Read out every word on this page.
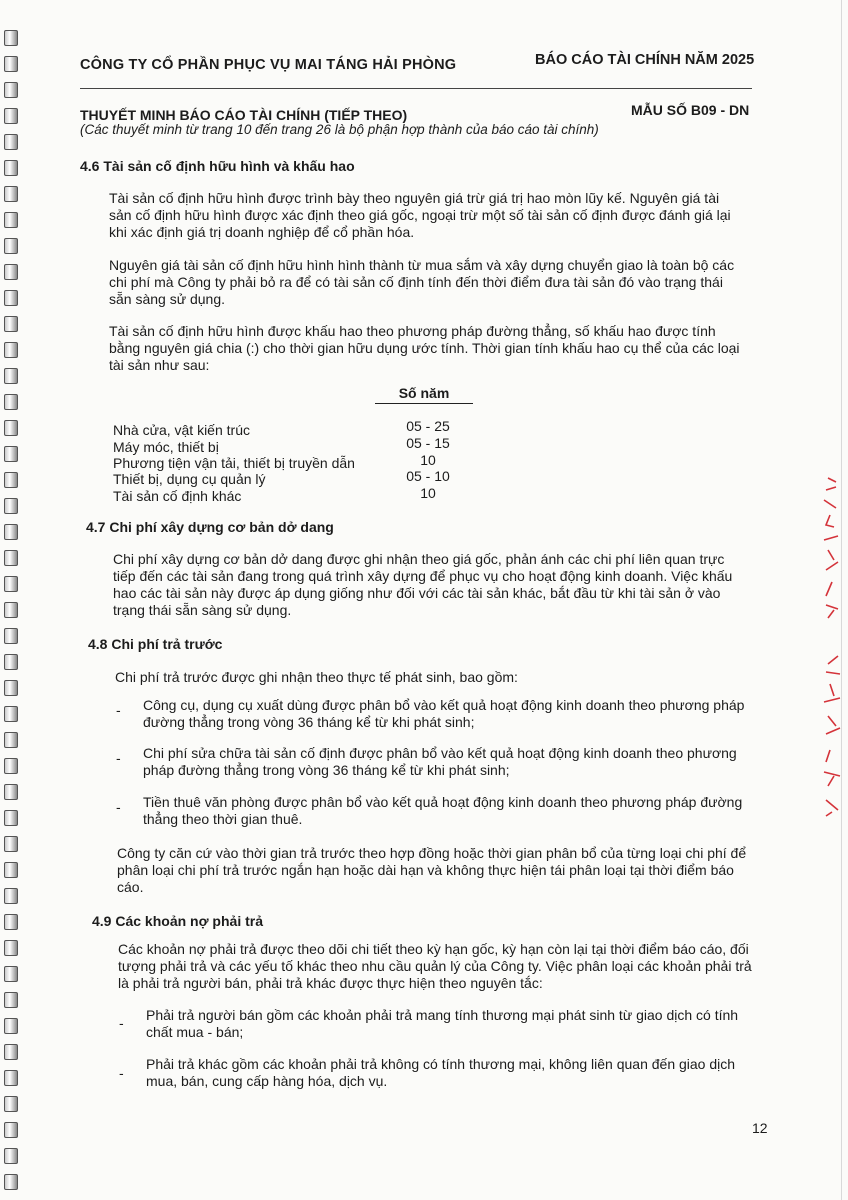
CÔNG TY CỔ PHẦN PHỤC VỤ MAI TÁNG HẢI PHÒNG	BÁO CÁO TÀI CHÍNH NĂM 2025
THUYẾT MINH BÁO CÁO TÀI CHÍNH (TIẾP THEO)	MẪU SỐ B09 - DN
(Các thuyết minh từ trang 10 đến trang 26 là bộ phận hợp thành của báo cáo tài chính)
4.6 Tài sản cố định hữu hình và khấu hao
Tài sản cố định hữu hình được trình bày theo nguyên giá trừ giá trị hao mòn lũy kế. Nguyên giá tài
sản cố định hữu hình được xác định theo giá gốc, ngoại trừ một số tài sản cố định được đánh giá lại
khi xác định giá trị doanh nghiệp để cổ phần hóa.
Nguyên giá tài sản cố định hữu hình hình thành từ mua sắm và xây dựng chuyển giao là toàn bộ các
chi phí mà Công ty phải bỏ ra để có tài sản cố định tính đến thời điểm đưa tài sản đó vào trạng thái
sẵn sàng sử dụng.
Tài sản cố định hữu hình được khấu hao theo phương pháp đường thẳng, số khấu hao được tính
bằng nguyên giá chia (:) cho thời gian hữu dụng ước tính. Thời gian tính khấu hao cụ thể của các loại
tài sản như sau:
Số năm
Nhà cửa, vật kiến trúc	05 - 25
Máy móc, thiết bị	05 - 15
Phương tiện vận tải, thiết bị truyền dẫn	10
Thiết bị, dụng cụ quản lý	05 - 10
Tài sản cố định khác	10
4.7 Chi phí xây dựng cơ bản dở dang
Chi phí xây dựng cơ bản dở dang được ghi nhận theo giá gốc, phản ánh các chi phí liên quan trực
tiếp đến các tài sản đang trong quá trình xây dựng để phục vụ cho hoạt động kinh doanh. Việc khấu
hao các tài sản này được áp dụng giống như đối với các tài sản khác, bắt đầu từ khi tài sản ở vào
trạng thái sẵn sàng sử dụng.
4.8 Chi phí trả trước
Chi phí trả trước được ghi nhận theo thực tế phát sinh, bao gồm:
- Công cụ, dụng cụ xuất dùng được phân bổ vào kết quả hoạt động kinh doanh theo phương pháp
đường thẳng trong vòng 36 tháng kể từ khi phát sinh;
- Chi phí sửa chữa tài sản cố định được phân bổ vào kết quả hoạt động kinh doanh theo phương
pháp đường thẳng trong vòng 36 tháng kể từ khi phát sinh;
- Tiền thuê văn phòng được phân bổ vào kết quả hoạt động kinh doanh theo phương pháp đường
thẳng theo thời gian thuê.
Công ty căn cứ vào thời gian trả trước theo hợp đồng hoặc thời gian phân bổ của từng loại chi phí để
phân loại chi phí trả trước ngắn hạn hoặc dài hạn và không thực hiện tái phân loại tại thời điểm báo
cáo.
4.9 Các khoản nợ phải trả
Các khoản nợ phải trả được theo dõi chi tiết theo kỳ hạn gốc, kỳ hạn còn lại tại thời điểm báo cáo, đối
tượng phải trả và các yếu tố khác theo nhu cầu quản lý của Công ty. Việc phân loại các khoản phải trả
là phải trả người bán, phải trả khác được thực hiện theo nguyên tắc:
- Phải trả người bán gồm các khoản phải trả mang tính thương mại phát sinh từ giao dịch có tính
chất mua - bán;
-
Phải trả khác gồm các khoản phải trả không có tính thương mại, không liên quan đến giao dịch
mua, bán, cung cấp hàng hóa, dịch vụ.
12
